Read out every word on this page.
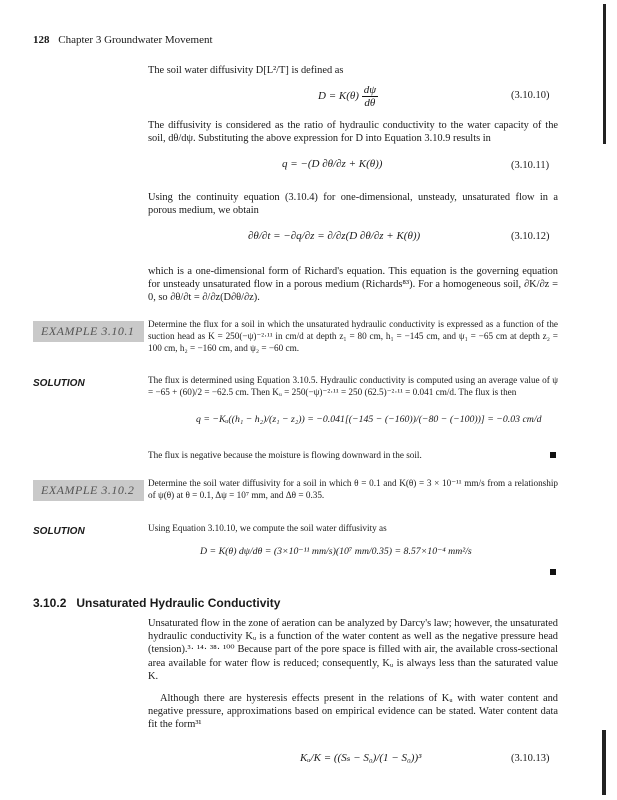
128 Chapter 3 Groundwater Movement
The soil water diffusivity D[L²/T] is defined as
$D = K(\theta) \frac{d\psi}{d\theta}$	(3.10.10)
The diffusivity is considered as the ratio of hydraulic conductivity to the water capacity of the soil, dθ/dψ. Substituting the above expression for D into Equation 3.10.9 results in
q = −(D ∂θ/∂z + K(θ))	(3.10.11)
Using the continuity equation (3.10.4) for one-dimensional, unsteady, unsaturated flow in a porous medium, we obtain
∂θ/∂t = −∂q/∂z = ∂/∂z(D ∂θ/∂z + K(θ))	(3.10.12)
which is a one-dimensional form of Richard's equation. This equation is the governing equation for unsteady unsaturated flow in a porous medium (Richards⁸³). For a homogeneous soil, ∂K/∂z = 0, so ∂θ/∂t = ∂/∂z(D∂θ/∂z).
EXAMPLE 3.10.1	Determine the flux for a soil in which the unsaturated hydraulic conductivity is expressed as a function of the suction head as K = 250(−ψ)⁻²·¹¹ in cm/d at depth z₁ = 80 cm, h₁ = −145 cm, and ψ₁ = −65 cm at depth z₂ = 100 cm, h₂ = −160 cm, and ψ₂ = −60 cm.
SOLUTION	The flux is determined using Equation 3.10.5. Hydraulic conductivity is computed using an average value of ψ = −65 + (60)/2 = −62.5 cm. Then Kᵤ = 250(−ψ)⁻²·¹¹ = 250 (62.5)⁻²·¹¹ = 0.041 cm/d. The flux is then
q = −Kᵤ((h₁ − h₂)/(z₁ − z₂)) = −0.041[(−145 − (−160))/(−80 − (−100))] = −0.03 cm/d
The flux is negative because the moisture is flowing downward in the soil.
EXAMPLE 3.10.2	Determine the soil water diffusivity for a soil in which θ = 0.1 and K(θ) = 3 × 10⁻¹¹ mm/s from a relationship of ψ(θ) at θ = 0.1, Δψ = 10⁷ mm, and Δθ = 0.35.
SOLUTION	Using Equation 3.10.10, we compute the soil water diffusivity as
D = K(θ) dψ/dθ = (3×10⁻¹¹ mm/s)(10⁷ mm/0.35) = 8.57×10⁻⁴ mm²/s
3.10.2 Unsaturated Hydraulic Conductivity
Unsaturated flow in the zone of aeration can be analyzed by Darcy's law; however, the unsaturated hydraulic conductivity Kᵤ is a function of the water content as well as the negative pressure head (tension).³· ¹⁴· ³⁸· ¹⁰⁰ Because part of the pore space is filled with air, the available cross-sectional area available for water flow is reduced; consequently, Kᵤ is always less than the saturated value K.
Although there are hysteresis effects present in the relations of Kᵤ with water content and negative pressure, approximations based on empirical evidence can be stated. Water content data fit the form³¹
Kᵤ/K = ((Sₛ − S₀)/(1 − S₀))³	(3.10.13)
